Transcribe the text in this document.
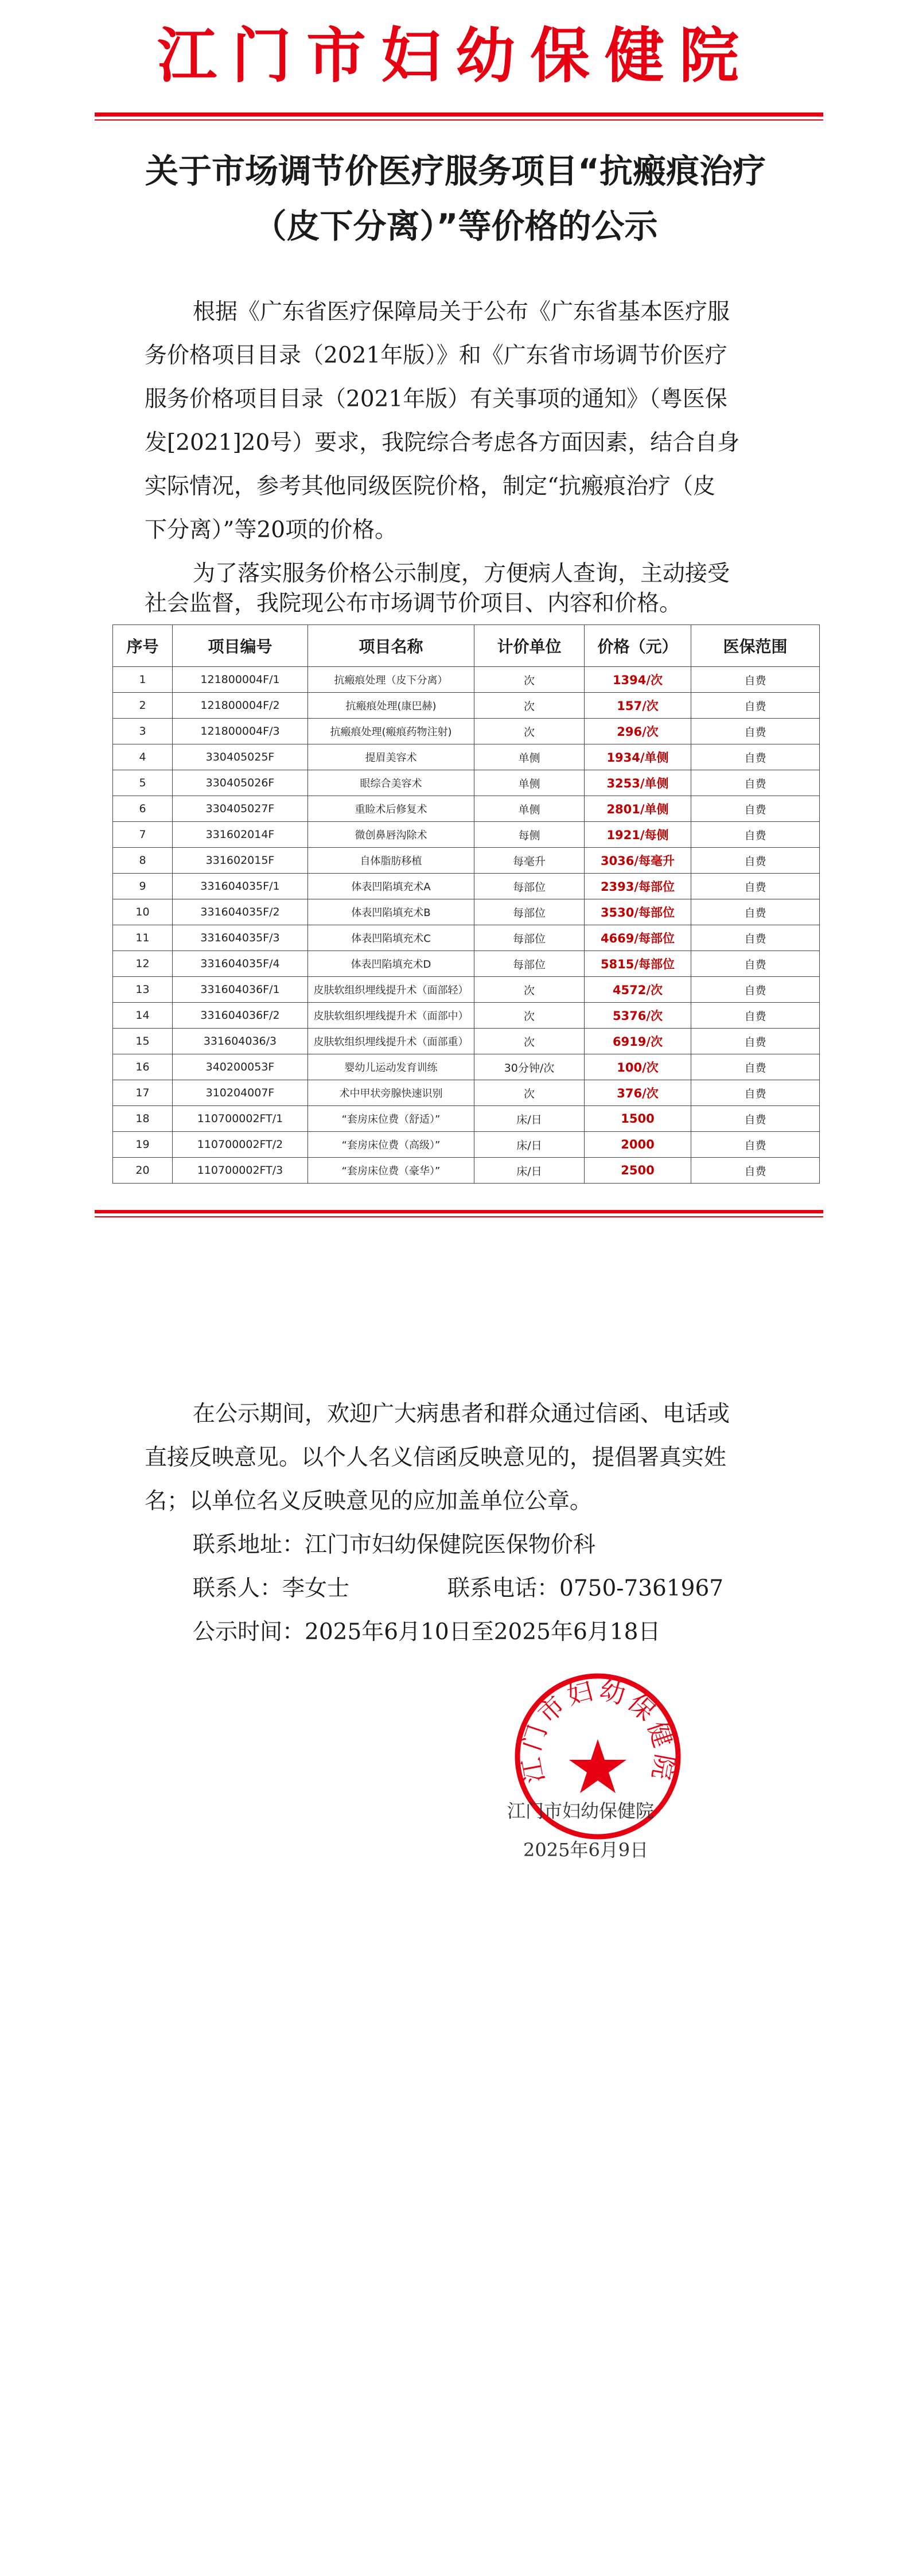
江门市妇幼保健院
关于市场调节价医疗服务项目“抗瘢痕治疗
（皮下分离）”等价格的公示
根据《广东省医疗保障局关于公布《广东省基本医疗服
务价格项目目录（2021年版）》和《广东省市场调节价医疗
服务价格项目目录（2021年版）有关事项的通知》（粤医保
发[2021]20号）要求，我院综合考虑各方面因素，结合自身
实际情况，参考其他同级医院价格，制定“抗瘢痕治疗（皮
下分离）”等20项的价格。
为了落实服务价格公示制度，方便病人查询，主动接受
社会监督，我院现公布市场调节价项目、内容和价格。
序号	项目编号	项目名称	计价单位	价格（元）	医保范围
1	121800004F/1	抗瘢痕处理（皮下分离）	次	1394/次	自费
2	121800004F/2	抗瘢痕处理(康巴赫)	次	157/次	自费
3	121800004F/3	抗瘢痕处理(瘢痕药物注射)	次	296/次	自费
4	330405025F	提眉美容术	单侧	1934/单侧	自费
5	330405026F	眼综合美容术	单侧	3253/单侧	自费
6	330405027F	重睑术后修复术	单侧	2801/单侧	自费
7	331602014F	微创鼻唇沟除术	每侧	1921/每侧	自费
8	331602015F	自体脂肪移植	每毫升	3036/每毫升	自费
9	331604035F/1	体表凹陷填充术A	每部位	2393/每部位	自费
10	331604035F/2	体表凹陷填充术B	每部位	3530/每部位	自费
11	331604035F/3	体表凹陷填充术C	每部位	4669/每部位	自费
12	331604035F/4	体表凹陷填充术D	每部位	5815/每部位	自费
13	331604036F/1	皮肤软组织埋线提升术（面部轻）	次	4572/次	自费
14	331604036F/2	皮肤软组织埋线提升术（面部中）	次	5376/次	自费
15	331604036/3	皮肤软组织埋线提升术（面部重）	次	6919/次	自费
16	340200053F	婴幼儿运动发育训练	30分钟/次	100/次	自费
17	310204007F	术中甲状旁腺快速识别	次	376/次	自费
18	110700002FT/1	“套房床位费（舒适）”	床/日	1500	自费
19	110700002FT/2	“套房床位费（高级）”	床/日	2000	自费
20	110700002FT/3	“套房床位费（豪华）”	床/日	2500	自费
在公示期间，欢迎广大病患者和群众通过信函、电话或
直接反映意见。以个人名义信函反映意见的，提倡署真实姓
名；以单位名义反映意见的应加盖单位公章。
联系地址：江门市妇幼保健院医保物价科
联系人：李女士	联系电话：0750-7361967
公示时间：2025年6月10日至2025年6月18日
江门市妇幼保健院
江门市妇幼保健院
2025年6月9日
